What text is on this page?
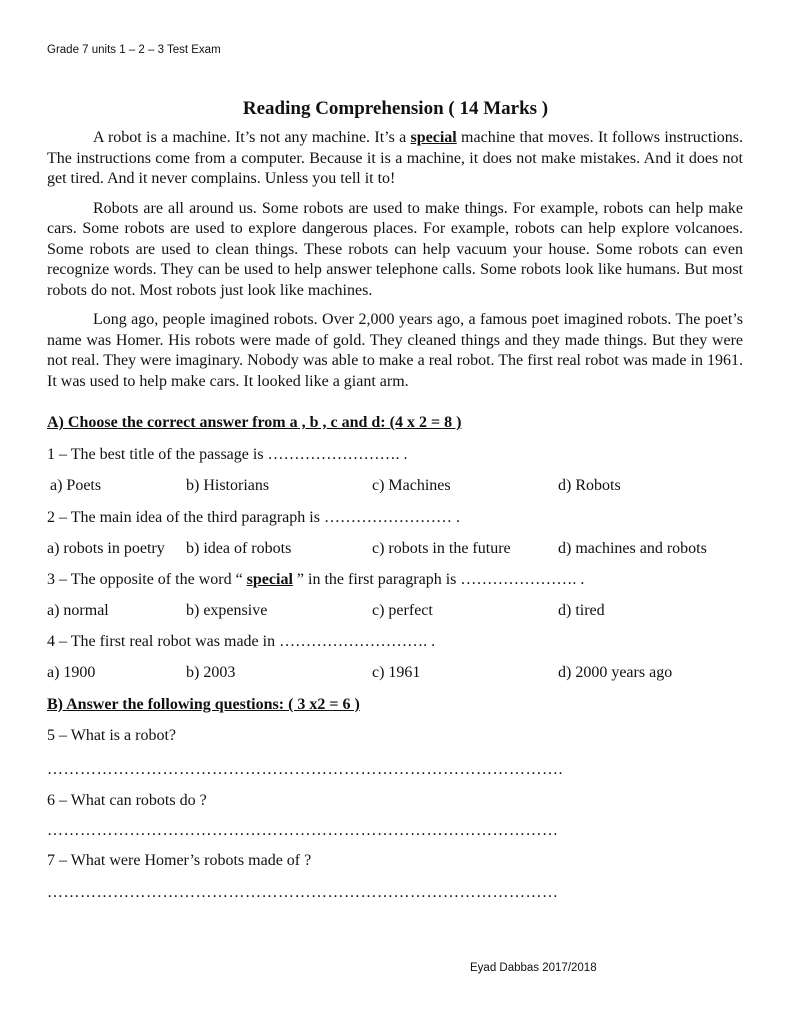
Grade 7 units 1 – 2 – 3 Test Exam
Reading Comprehension ( 14 Marks )

A robot is a machine. It’s not any machine. It’s a special machine that moves. It follows instructions. The instructions come from a computer. Because it is a machine, it does not make mistakes. And it does not get tired. And it never complains. Unless you tell it to!

Robots are all around us. Some robots are used to make things. For example, robots can help make cars. Some robots are used to explore dangerous places. For example, robots can help explore volcanoes. Some robots are used to clean things. These robots can help vacuum your house. Some robots can even recognize words. They can be used to help answer telephone calls. Some robots look like humans. But most robots do not. Most robots just look like machines.

Long ago, people imagined robots. Over 2,000 years ago, a famous poet imagined robots. The poet’s name was Homer. His robots were made of gold. They cleaned things and they made things. But they were not real. They were imaginary. Nobody was able to make a real robot. The first real robot was made in 1961. It was used to help make cars. It looked like a giant arm.

A) Choose the correct answer from a , b , c and d: (4 x 2 = 8 )
1 – The best title of the passage is ……………………. .
a) Poets	b) Historians	c) Machines	d) Robots
2 – The main idea of the third paragraph is …………………… .
a) robots in poetry b) idea of robots	c) robots in the future	d) machines and robots
3 – The opposite of the word “ special ” in the first paragraph is …………………. .
a) normal	b) expensive	c) perfect	d) tired
4 – The first real robot was made in ………………………. .
a) 1900	b) 2003	c) 1961	d) 2000 years ago
B) Answer the following questions: ( 3 x2 = 6 )
5 – What is a robot?
………………………………………………………………………………….
6 – What can robots do ?
…………………………………………………………………………………
7 – What were Homer’s robots made of ?
…………………………………………………………………………………
Eyad Dabbas 2017/2018
